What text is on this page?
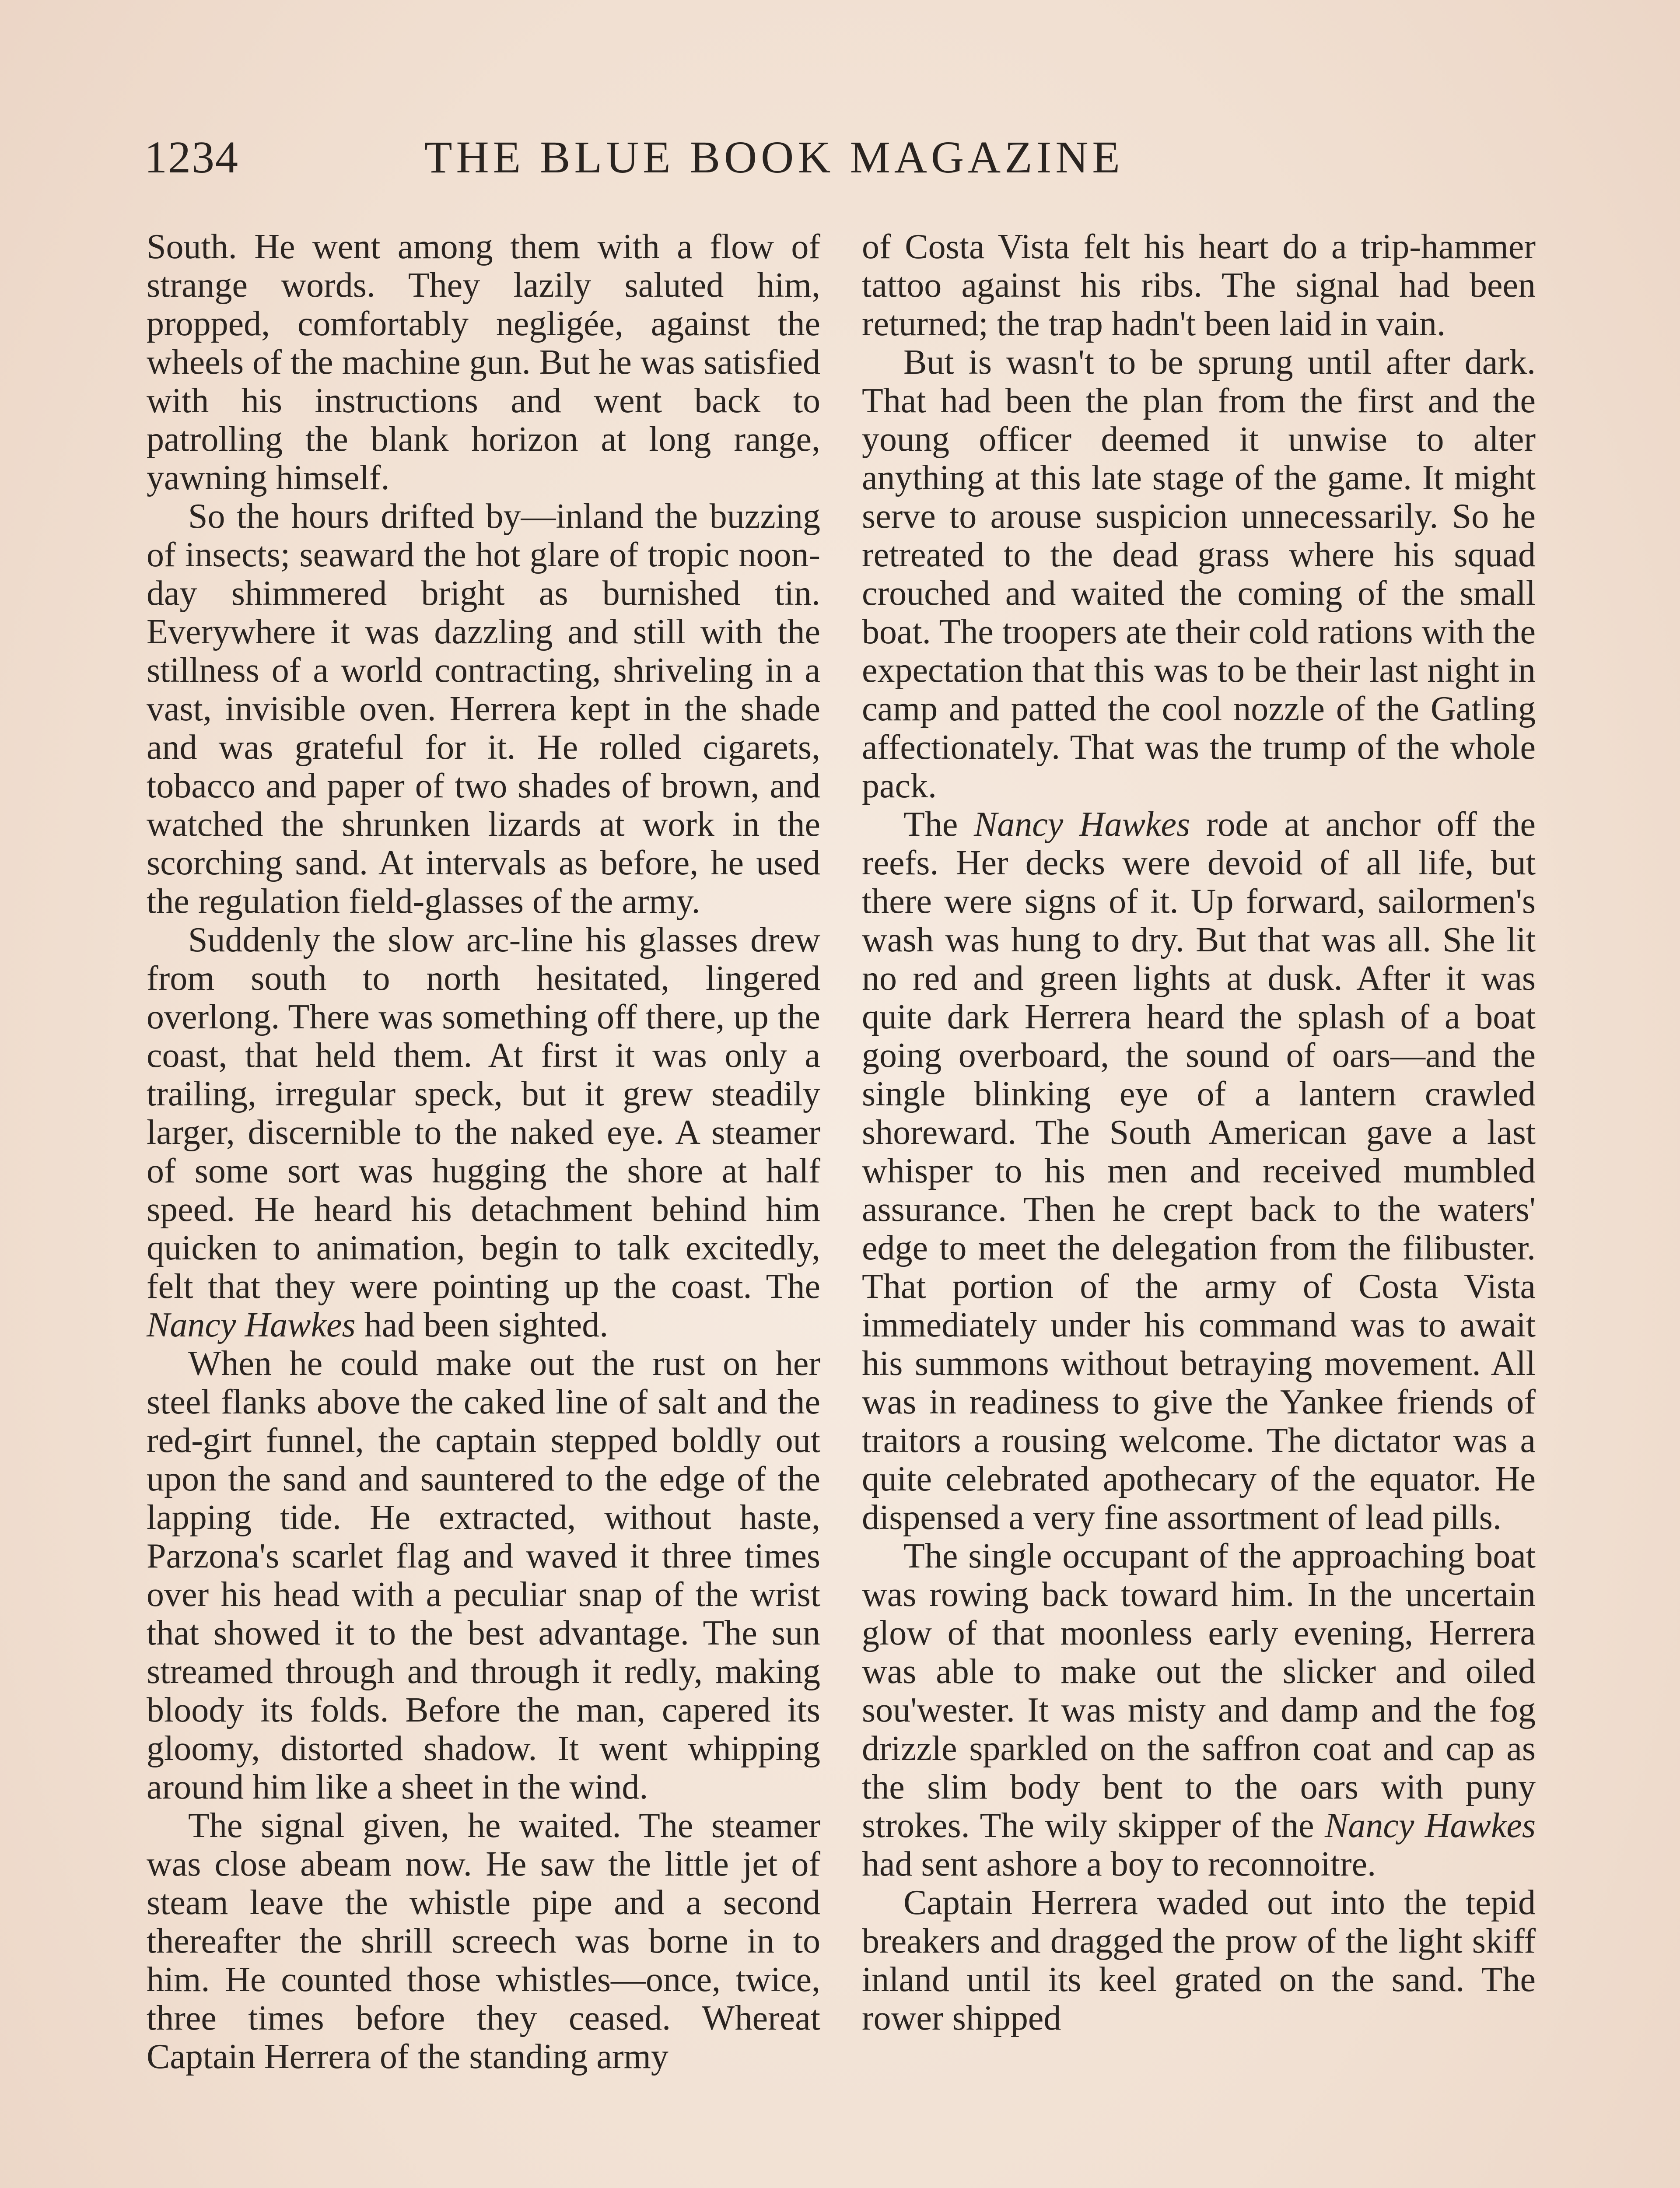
1234	THE BLUE BOOK MAGAZINE

South. He went among them with a flow of strange words. They lazily saluted him, propped, comfortably negligée, against the wheels of the machine gun. But he was satisfied with his instructions and went back to patrolling the blank horizon at long range, yawning himself.

So the hours drifted by—inland the buzzing of insects; seaward the hot glare of tropic noon-day shimmered bright as burnished tin. Everywhere it was dazzling and still with the stillness of a world contracting, shriveling in a vast, invisible oven. Herrera kept in the shade and was grateful for it. He rolled cigarets, tobacco and paper of two shades of brown, and watched the shrunken lizards at work in the scorching sand. At intervals as before, he used the regulation field-glasses of the army.

Suddenly the slow arc-line his glasses drew from south to north hesitated, lingered overlong. There was something off there, up the coast, that held them. At first it was only a trailing, irregular speck, but it grew steadily larger, discernible to the naked eye. A steamer of some sort was hugging the shore at half speed. He heard his detachment behind him quicken to animation, begin to talk excitedly, felt that they were pointing up the coast. The Nancy Hawkes had been sighted.

When he could make out the rust on her steel flanks above the caked line of salt and the red-girt funnel, the captain stepped boldly out upon the sand and sauntered to the edge of the lapping tide. He extracted, without haste, Parzona's scarlet flag and waved it three times over his head with a peculiar snap of the wrist that showed it to the best advantage. The sun streamed through and through it redly, making bloody its folds. Before the man, capered its gloomy, distorted shadow. It went whipping around him like a sheet in the wind.

The signal given, he waited. The steamer was close abeam now. He saw the little jet of steam leave the whistle pipe and a second thereafter the shrill screech was borne in to him. He counted those whistles—once, twice, three times before they ceased. Whereat Captain Herrera of the standing army

of Costa Vista felt his heart do a trip-hammer tattoo against his ribs. The signal had been returned; the trap hadn't been laid in vain.

But is wasn't to be sprung until after dark. That had been the plan from the first and the young officer deemed it unwise to alter anything at this late stage of the game. It might serve to arouse suspicion unnecessarily. So he retreated to the dead grass where his squad crouched and waited the coming of the small boat. The troopers ate their cold rations with the expectation that this was to be their last night in camp and patted the cool nozzle of the Gatling affectionately. That was the trump of the whole pack.

The Nancy Hawkes rode at anchor off the reefs. Her decks were devoid of all life, but there were signs of it. Up forward, sailormen's wash was hung to dry. But that was all. She lit no red and green lights at dusk. After it was quite dark Herrera heard the splash of a boat going overboard, the sound of oars—and the single blinking eye of a lantern crawled shoreward. The South American gave a last whisper to his men and received mumbled assurance. Then he crept back to the waters' edge to meet the delegation from the filibuster. That portion of the army of Costa Vista immediately under his command was to await his summons without betraying movement. All was in readiness to give the Yankee friends of traitors a rousing welcome. The dictator was a quite celebrated apothecary of the equator. He dispensed a very fine assortment of lead pills.

The single occupant of the approaching boat was rowing back toward him. In the uncertain glow of that moonless early evening, Herrera was able to make out the slicker and oiled sou'wester. It was misty and damp and the fog drizzle sparkled on the saffron coat and cap as the slim body bent to the oars with puny strokes. The wily skipper of the Nancy Hawkes had sent ashore a boy to reconnoitre.

Captain Herrera waded out into the tepid breakers and dragged the prow of the light skiff inland until its keel grated on the sand. The rower shipped
